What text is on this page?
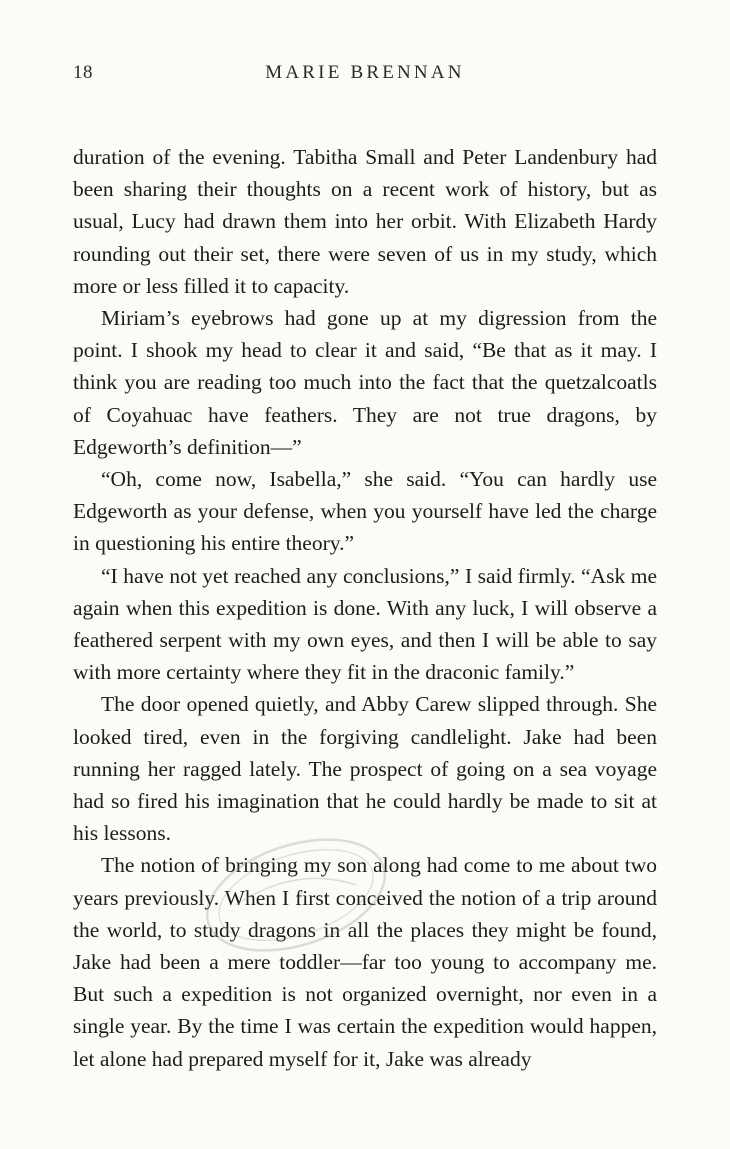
18	MARIE BRENNAN

duration of the evening. Tabitha Small and Peter Landenbury had been sharing their thoughts on a recent work of history, but as usual, Lucy had drawn them into her orbit. With Elizabeth Hardy rounding out their set, there were seven of us in my study, which more or less filled it to capacity.

Miriam’s eyebrows had gone up at my digression from the point. I shook my head to clear it and said, “Be that as it may. I think you are reading too much into the fact that the quetzalcoatls of Coyahuac have feathers. They are not true dragons, by Edgeworth’s definition—”

“Oh, come now, Isabella,” she said. “You can hardly use Edgeworth as your defense, when you yourself have led the charge in questioning his entire theory.”

“I have not yet reached any conclusions,” I said firmly. “Ask me again when this expedition is done. With any luck, I will observe a feathered serpent with my own eyes, and then I will be able to say with more certainty where they fit in the draconic family.”

The door opened quietly, and Abby Carew slipped through. She looked tired, even in the forgiving candlelight. Jake had been running her ragged lately. The prospect of going on a sea voyage had so fired his imagination that he could hardly be made to sit at his lessons.

The notion of bringing my son along had come to me about two years previously. When I first conceived the notion of a trip around the world, to study dragons in all the places they might be found, Jake had been a mere toddler—far too young to accompany me. But such a expedition is not organized overnight, nor even in a single year. By the time I was certain the expedition would happen, let alone had prepared myself for it, Jake was already
